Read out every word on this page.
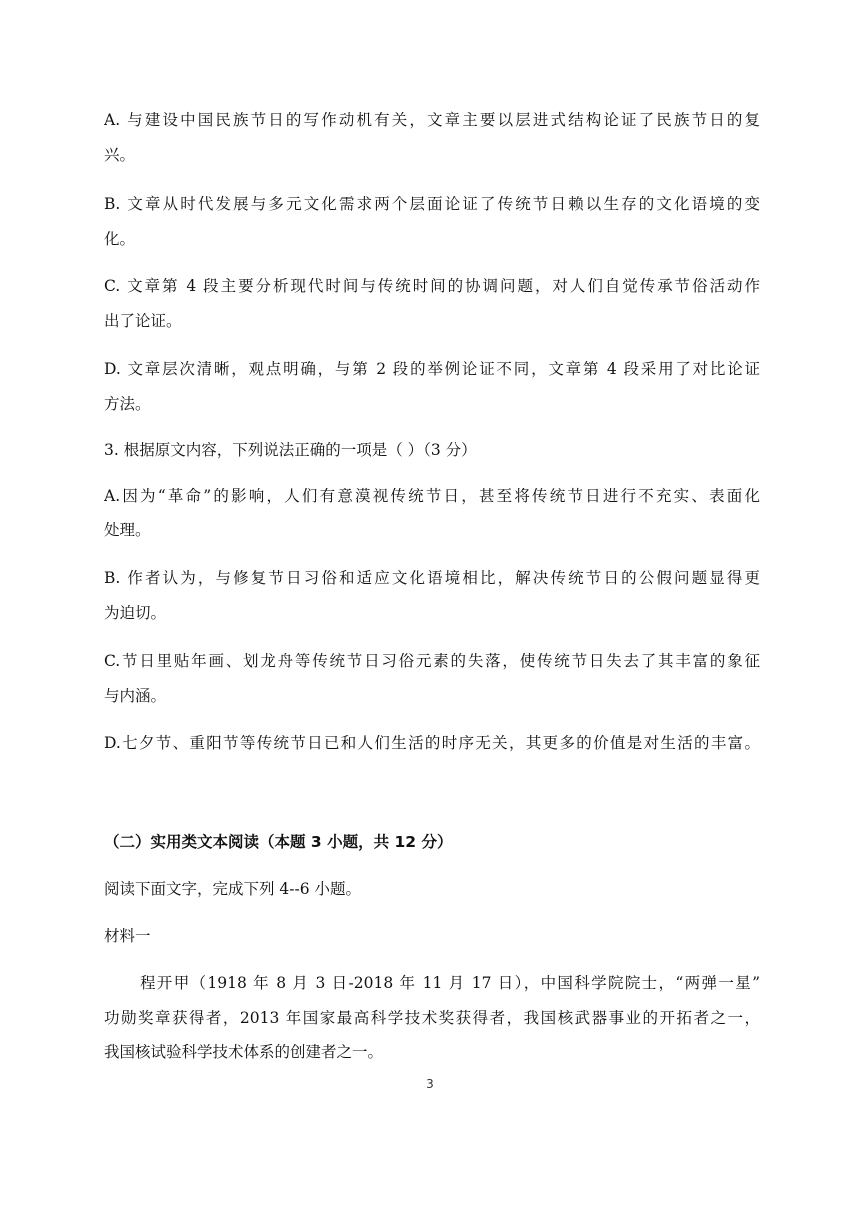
A. 与建设中国民族节日的写作动机有关，文章主要以层进式结构论证了民族节日的复
兴。
B. 文章从时代发展与多元文化需求两个层面论证了传统节日赖以生存的文化语境的变
化。
C. 文章第 4 段主要分析现代时间与传统时间的协调问题，对人们自觉传承节俗活动作
出了论证。
D. 文章层次清晰，观点明确，与第 2 段的举例论证不同，文章第 4 段采用了对比论证
方法。
3. 根据原文内容，下列说法正确的一项是（ ）（3 分）
A.因为“革命”的影响，人们有意漠视传统节日，甚至将传统节日进行不充实、表面化
处理。
B. 作者认为，与修复节日习俗和适应文化语境相比，解决传统节日的公假问题显得更
为迫切。
C.节日里贴年画、划龙舟等传统节日习俗元素的失落，使传统节日失去了其丰富的象征
与内涵。
D.七夕节、重阳节等传统节日已和人们生活的时序无关，其更多的价值是对生活的丰富。
（二）实用类文本阅读（本题 3 小题，共 12 分）
阅读下面文字，完成下列 4--6 小题。
材料一
程开甲（1918 年 8 月 3 日-2018 年 11 月 17 日），中国科学院院士，“两弹一星”
功勋奖章获得者，2013 年国家最高科学技术奖获得者，我国核武器事业的开拓者之一，
我国核试验科学技术体系的创建者之一。
3
